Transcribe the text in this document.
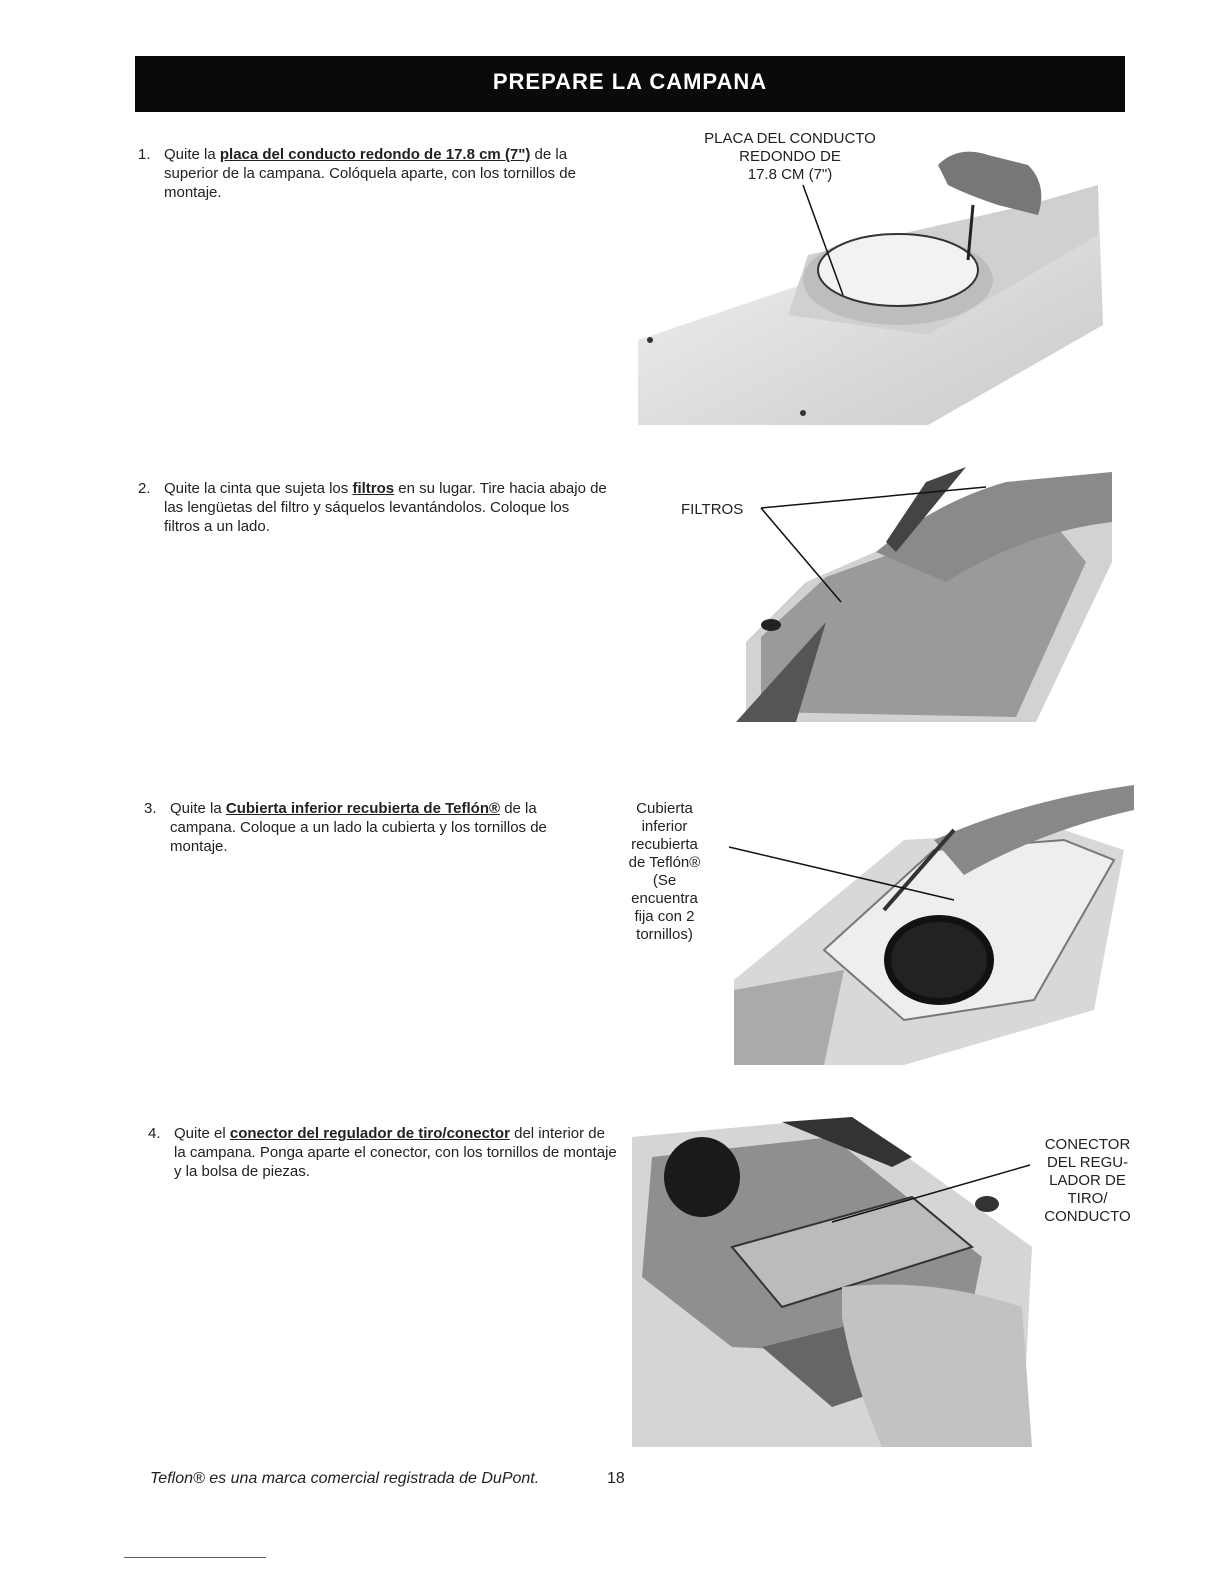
PREPARE LA CAMPANA
1. Quite la placa del conducto redondo de 17.8 cm (7") de la superior de la campana. Colóquela aparte, con los tornillos de montaje.
PLACA DEL CONDUCTO
REDONDO DE
17.8 CM (7")
2. Quite la cinta que sujeta los filtros en su lugar. Tire hacia abajo de las lengüetas del filtro y sáquelos levantándolos. Coloque los filtros a un lado.
FILTROS
3. Quite la Cubierta inferior recubierta de Teflón® de la campana. Coloque a un lado la cubierta y los tornillos de montaje.
Cubierta
inferior
recubierta
de Teflón®
(Se
encuentra
fija con 2
tornillos)
4. Quite el conector del regulador de tiro/conector del interior de la campana. Ponga aparte el conector, con los tornillos de montaje y la bolsa de piezas.
CONECTOR
DEL REGU-
LADOR DE
TIRO/
CONDUCTO
Teflon® es una marca comercial registrada de DuPont.	18
